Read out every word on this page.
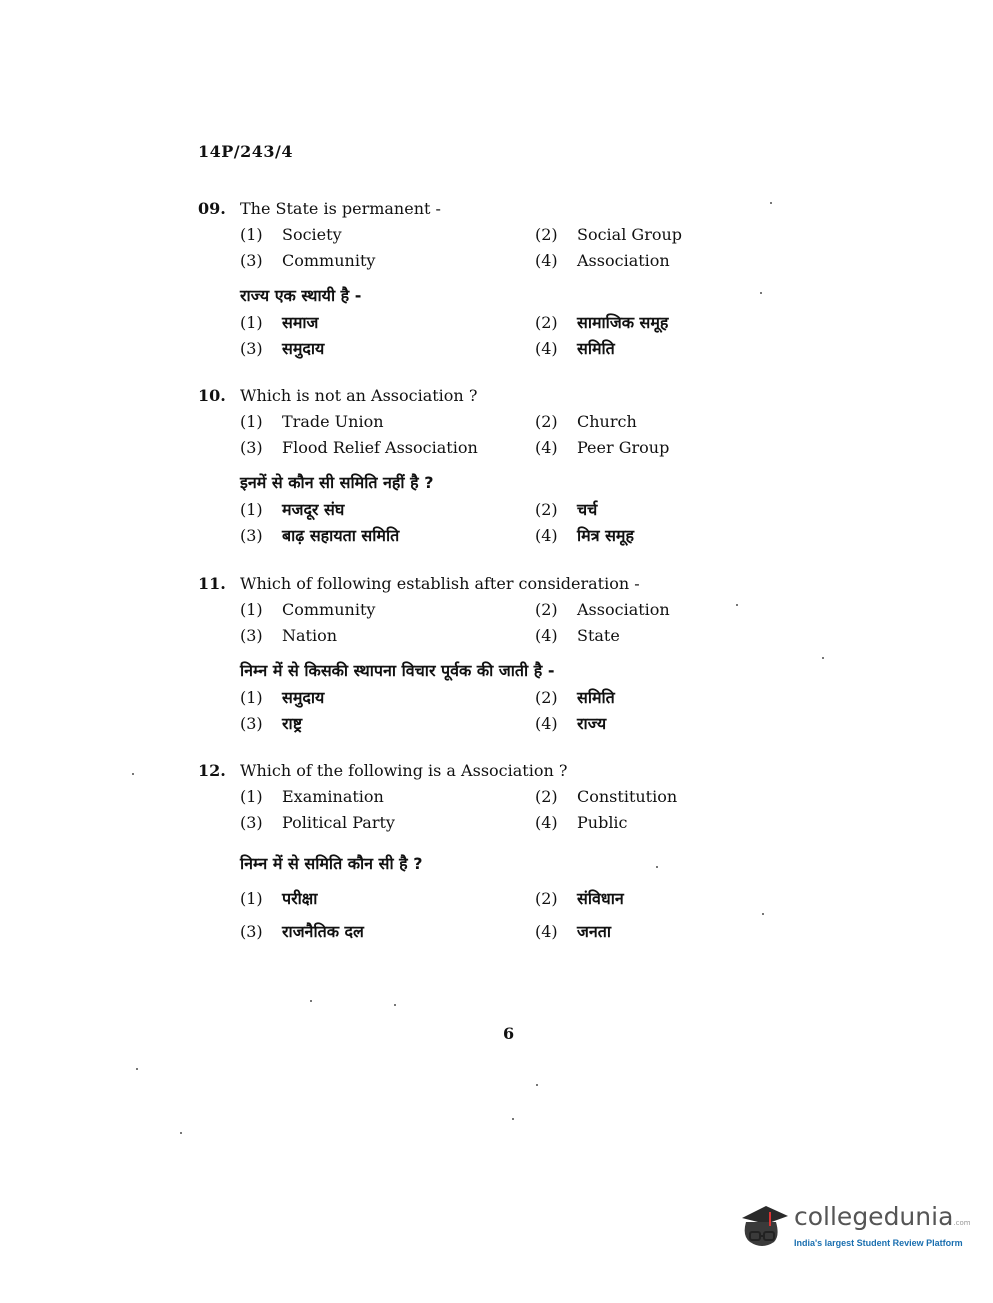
14P/243/4
09. The State is permanent -
(1) Society	(2) Social Group
(3) Community	(4) Association
राज्य एक स्थायी है -
(1) समाज	(2) सामाजिक समूह
(3) समुदाय	(4) समिति
10. Which is not an Association ?
(1) Trade Union	(2) Church
(3) Flood Relief Association	(4) Peer Group
इनमें से कौन सी समिति नहीं है ?
(1) मजदूर संघ	(2) चर्च
(3) बाढ़ सहायता समिति	(4) मित्र समूह
11. Which of following establish after consideration -
(1) Community	(2) Association
(3) Nation	(4) State
निम्न में से किसकी स्थापना विचार पूर्वक की जाती है -
(1) समुदाय	(2) समिति
(3) राष्ट्र	(4) राज्य
12. Which of the following is a Association ?
(1) Examination	(2) Constitution
(3) Political Party	(4) Public
निम्न में से समिति कौन सी है ?
(1) परीक्षा	(2) संविधान
(3) राजनैतिक दल	(4) जनता
6
collegedunia.com
India's largest Student Review Platform
